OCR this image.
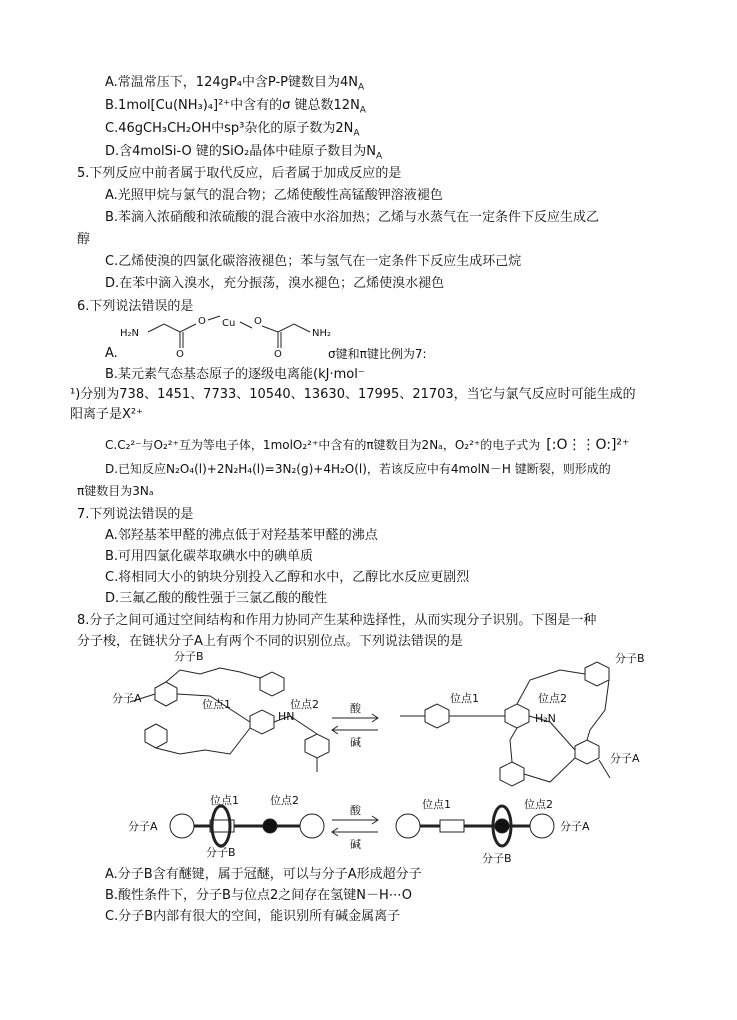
A.常温常压下，124gP₄中含P-P键数目为$4N_A$
B.1mol[Cu(NH₃)₄]²⁺中含有的σ 键总数$12N_A$
C.46gCH₃CH₂OH中sp³杂化的原子数为$2N_A$
D.含4molSi-O 键的SiO₂晶体中硅原子数目为$N_A$
5.下列反应中前者属于取代反应，后者属于加成反应的是
A.光照甲烷与氯气的混合物；乙烯使酸性高锰酸钾溶液褪色
B.苯滴入浓硝酸和浓硫酸的混合液中水浴加热；乙烯与水蒸气在一定条件下反应生成乙
醇
C.乙烯使溴的四氯化碳溶液褪色；苯与氢气在一定条件下反应生成环己烷
D.在苯中滴入溴水，充分振荡，溴水褪色；乙烯使溴水褪色
6.下列说法错误的是
H₂N
O Cu O
NH₂
O	O
A.	σ键和π键比例为7:
B.某元素气态基态原子的逐级电离能(kJ·mol⁻
¹)分别为738、1451、7733、10540、13630、17995、21703，当它与氯气反应时可能生成的
阳离子是X²⁺
C.C₂²⁻与O₂²⁺互为等电子体，1molO₂²⁺中含有的π键数目为2Nₐ，O₂²⁺的电子式为 [:O⋮⋮O:]²⁺
D.已知反应N₂O₄(l)+2N₂H₄(l)=3N₂(g)+4H₂O(l)，若该反应中有4molN－H 键断裂，则形成的
π键数目为3Nₐ
7.下列说法错误的是
A.邻羟基苯甲醛的沸点低于对羟基苯甲醛的沸点
B.可用四氯化碳萃取碘水中的碘单质
C.将相同大小的钠块分别投入乙醇和水中，乙醇比水反应更剧烈
D.三氟乙酸的酸性强于三氯乙酸的酸性
8.分子之间可通过空间结构和作用力协同产生某种选择性，从而实现分子识别。下图是一种
分子梭，在链状分子A上有两个不同的识别位点。下列说法错误的是
分子B
分子A	位点1	位点2
HN
酸
碱
位点1	位点2
H₂N
分子B
分子A
分子A
位点1	位点2
分子B
酸
碱
位点1	位点2
分子A
分子B
A.分子B含有醚键，属于冠醚，可以与分子A形成超分子
B.酸性条件下，分子B与位点2之间存在氢键N－H⋯O
C.分子B内部有很大的空间，能识别所有碱金属离子
